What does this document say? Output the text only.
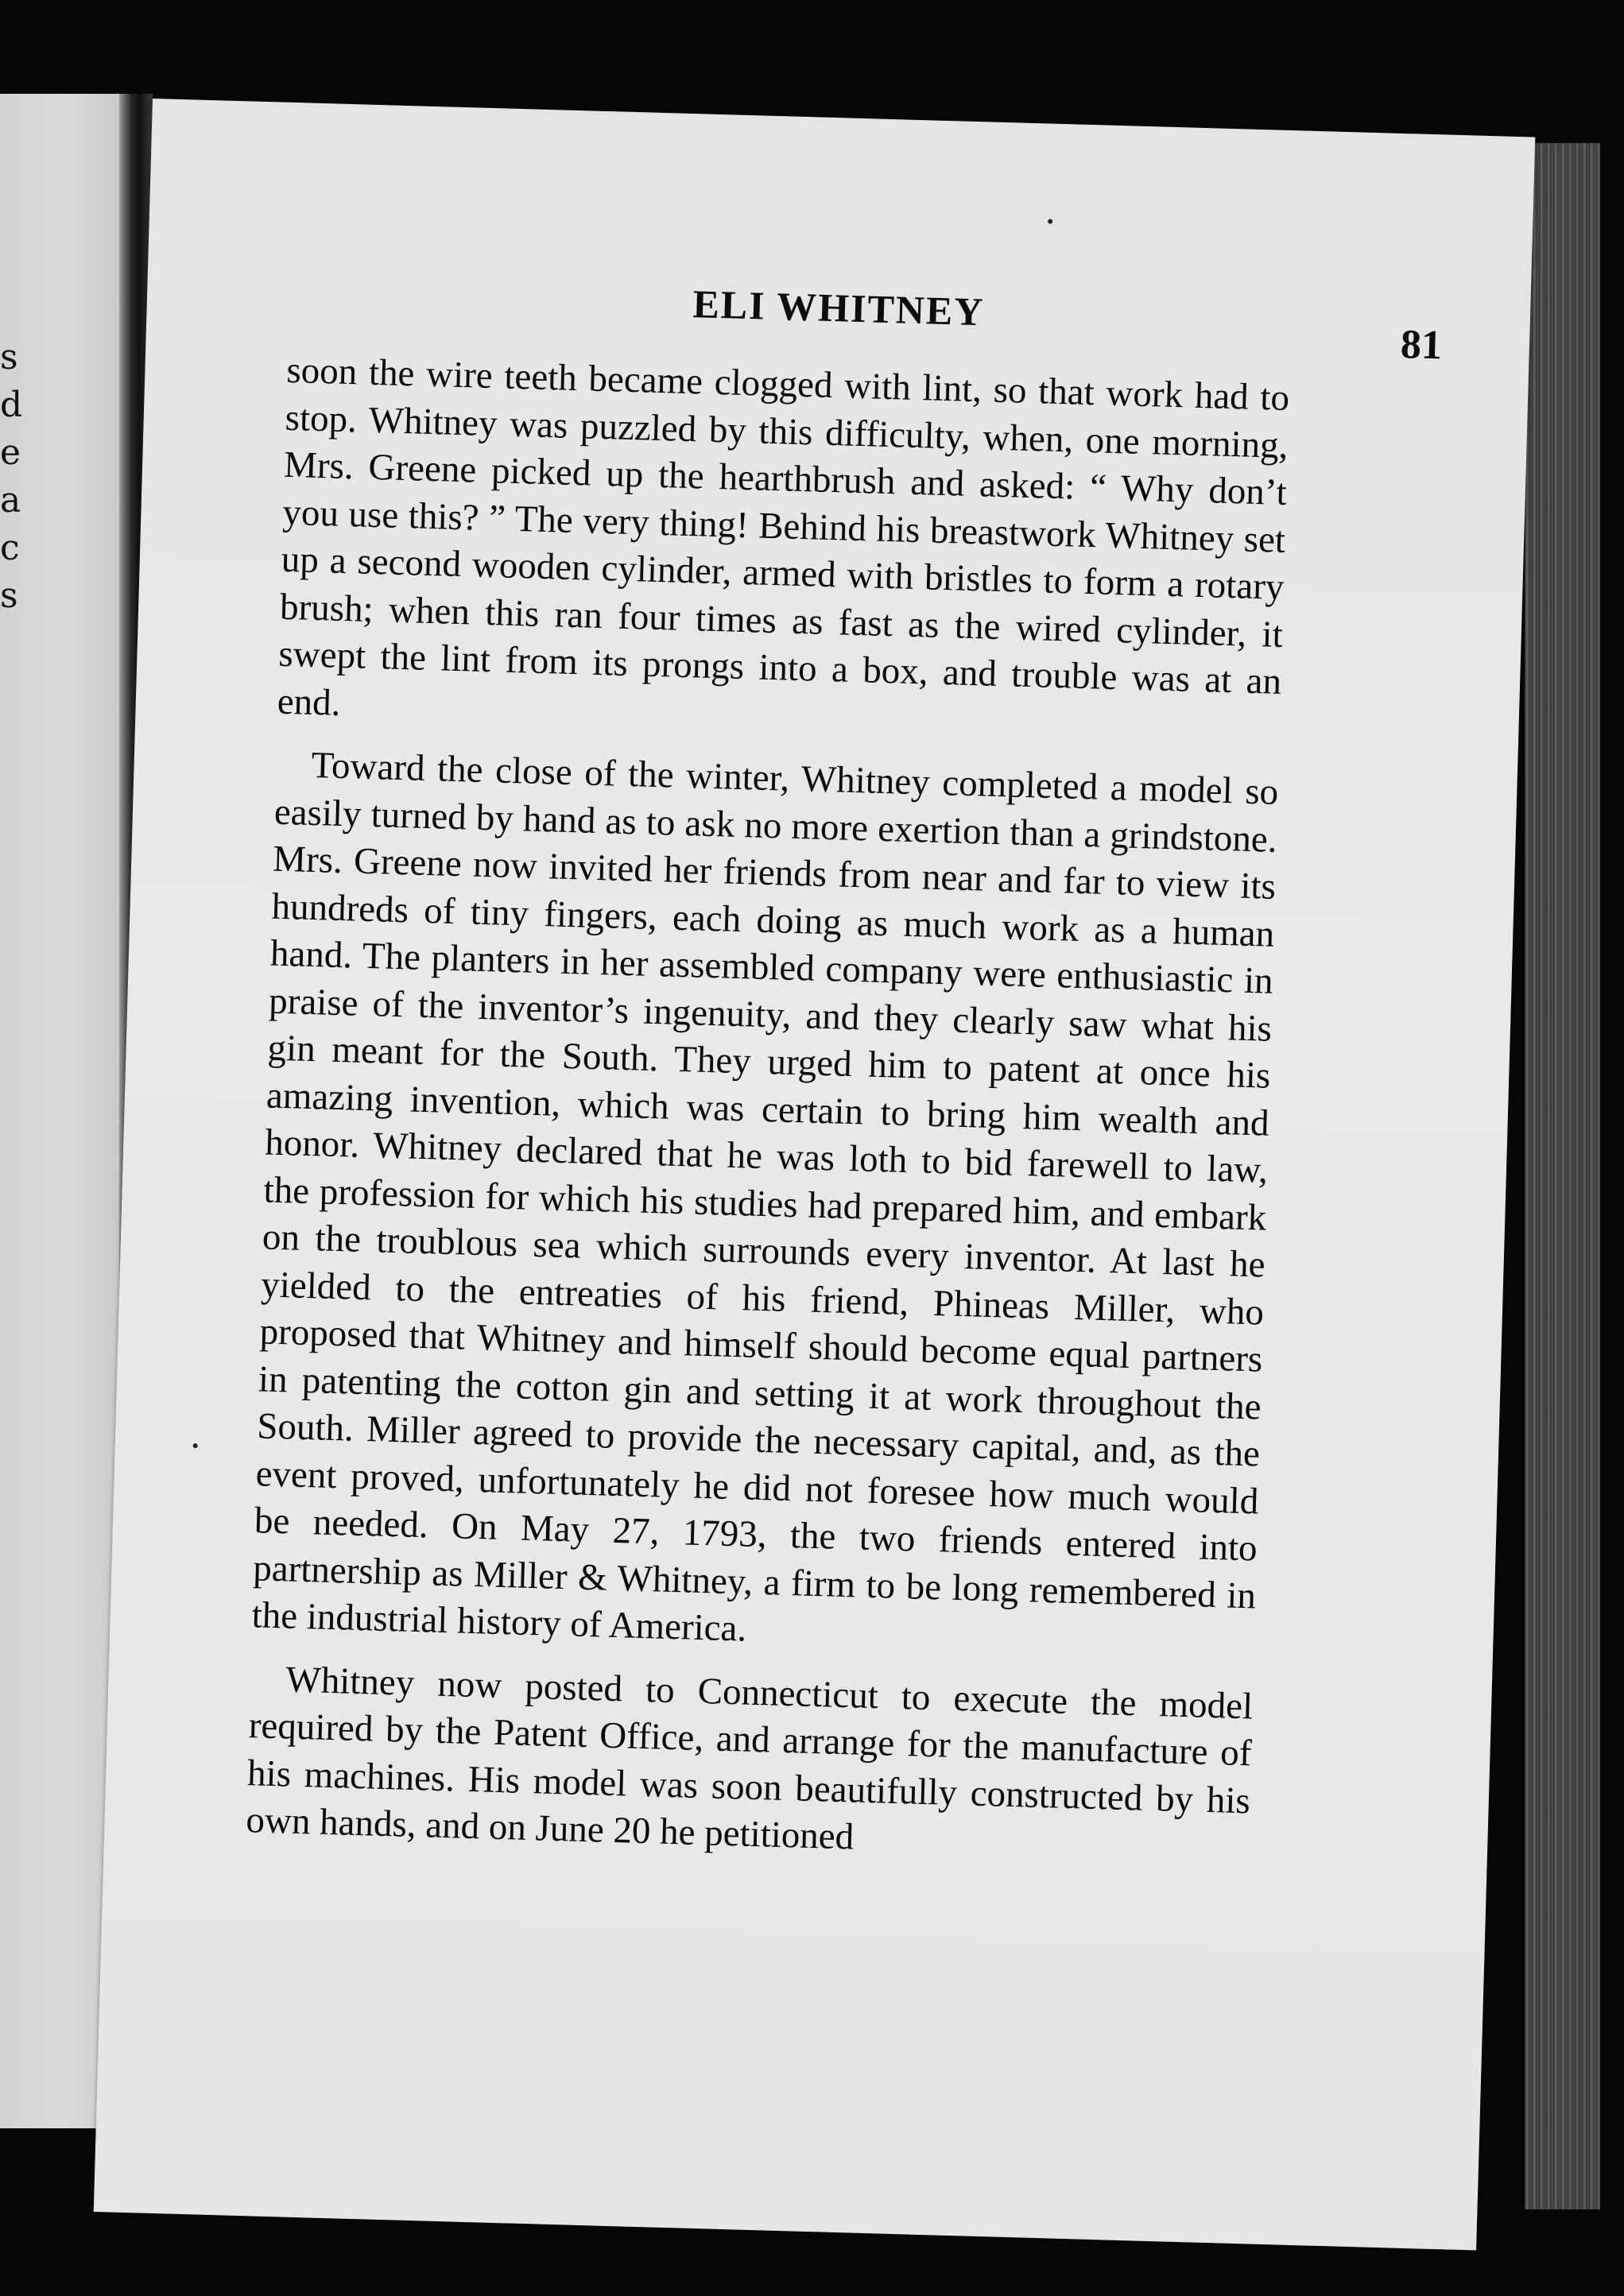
s
d
e
a
c
s
ELI WHITNEY
81

soon the wire teeth became clogged with lint, so that work had to stop. Whitney was puzzled by this difficulty, when, one morning, Mrs. Greene picked up the hearthbrush and asked: “ Why don’t you use this? ” The very thing! Behind his breastwork Whitney set up a second wooden cylinder, armed with bristles to form a rotary brush; when this ran four times as fast as the wired cylinder, it swept the lint from its prongs into a box, and trouble was at an end.

Toward the close of the winter, Whitney completed a model so easily turned by hand as to ask no more exertion than a grindstone. Mrs. Greene now invited her friends from near and far to view its hundreds of tiny fingers, each doing as much work as a human hand. The planters in her assembled company were enthusiastic in praise of the inventor’s ingenuity, and they clearly saw what his gin meant for the South. They urged him to patent at once his amazing invention, which was certain to bring him wealth and honor. Whitney declared that he was loth to bid farewell to law, the profession for which his studies had prepared him, and embark on the troublous sea which surrounds every inventor. At last he yielded to the entreaties of his friend, Phineas Miller, who proposed that Whitney and himself should become equal partners in patenting the cotton gin and setting it at work throughout the South. Miller agreed to provide the necessary capital, and, as the event proved, unfortunately he did not foresee how much would be needed. On May 27, 1793, the two friends entered into partnership as Miller & Whitney, a firm to be long remembered in the industrial history of America.

Whitney now posted to Connecticut to execute the model required by the Patent Office, and arrange for the manufacture of his machines. His model was soon beautifully constructed by his own hands, and on June 20 he petitioned
